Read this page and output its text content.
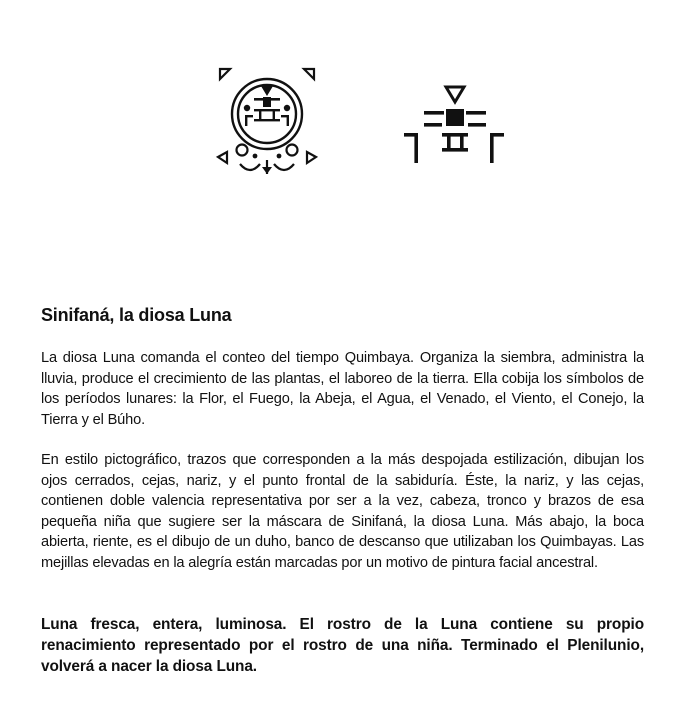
Sinifaná, la diosa Luna

La diosa Luna comanda el conteo del tiempo Quimbaya. Organiza la siembra, administra la lluvia, produce el crecimiento de las plantas, el laboreo de la tierra. Ella cobija los símbolos de los períodos lunares: la Flor, el Fuego, la Abeja, el Agua, el Venado, el Viento, el Conejo, la Tierra y el Búho.

En estilo pictográfico, trazos que corresponden a la más despojada estilización, dibujan los ojos cerrados, cejas, nariz, y el punto frontal de la sabiduría. Éste, la nariz, y las cejas, contienen doble valencia representativa por ser a la vez, cabeza, tronco y brazos de esa pequeña niña que sugiere ser la máscara de Sinifaná, la diosa Luna. Más abajo, la boca abierta, riente, es el dibujo de un duho, banco de descanso que utilizaban los Quimbayas. Las mejillas elevadas en la alegría están marcadas por un motivo de pintura facial ancestral.

Luna fresca, entera, luminosa. El rostro de la Luna contiene su propio renacimiento representado por el rostro de una niña. Terminado el Plenilunio, volverá a nacer la diosa Luna.
